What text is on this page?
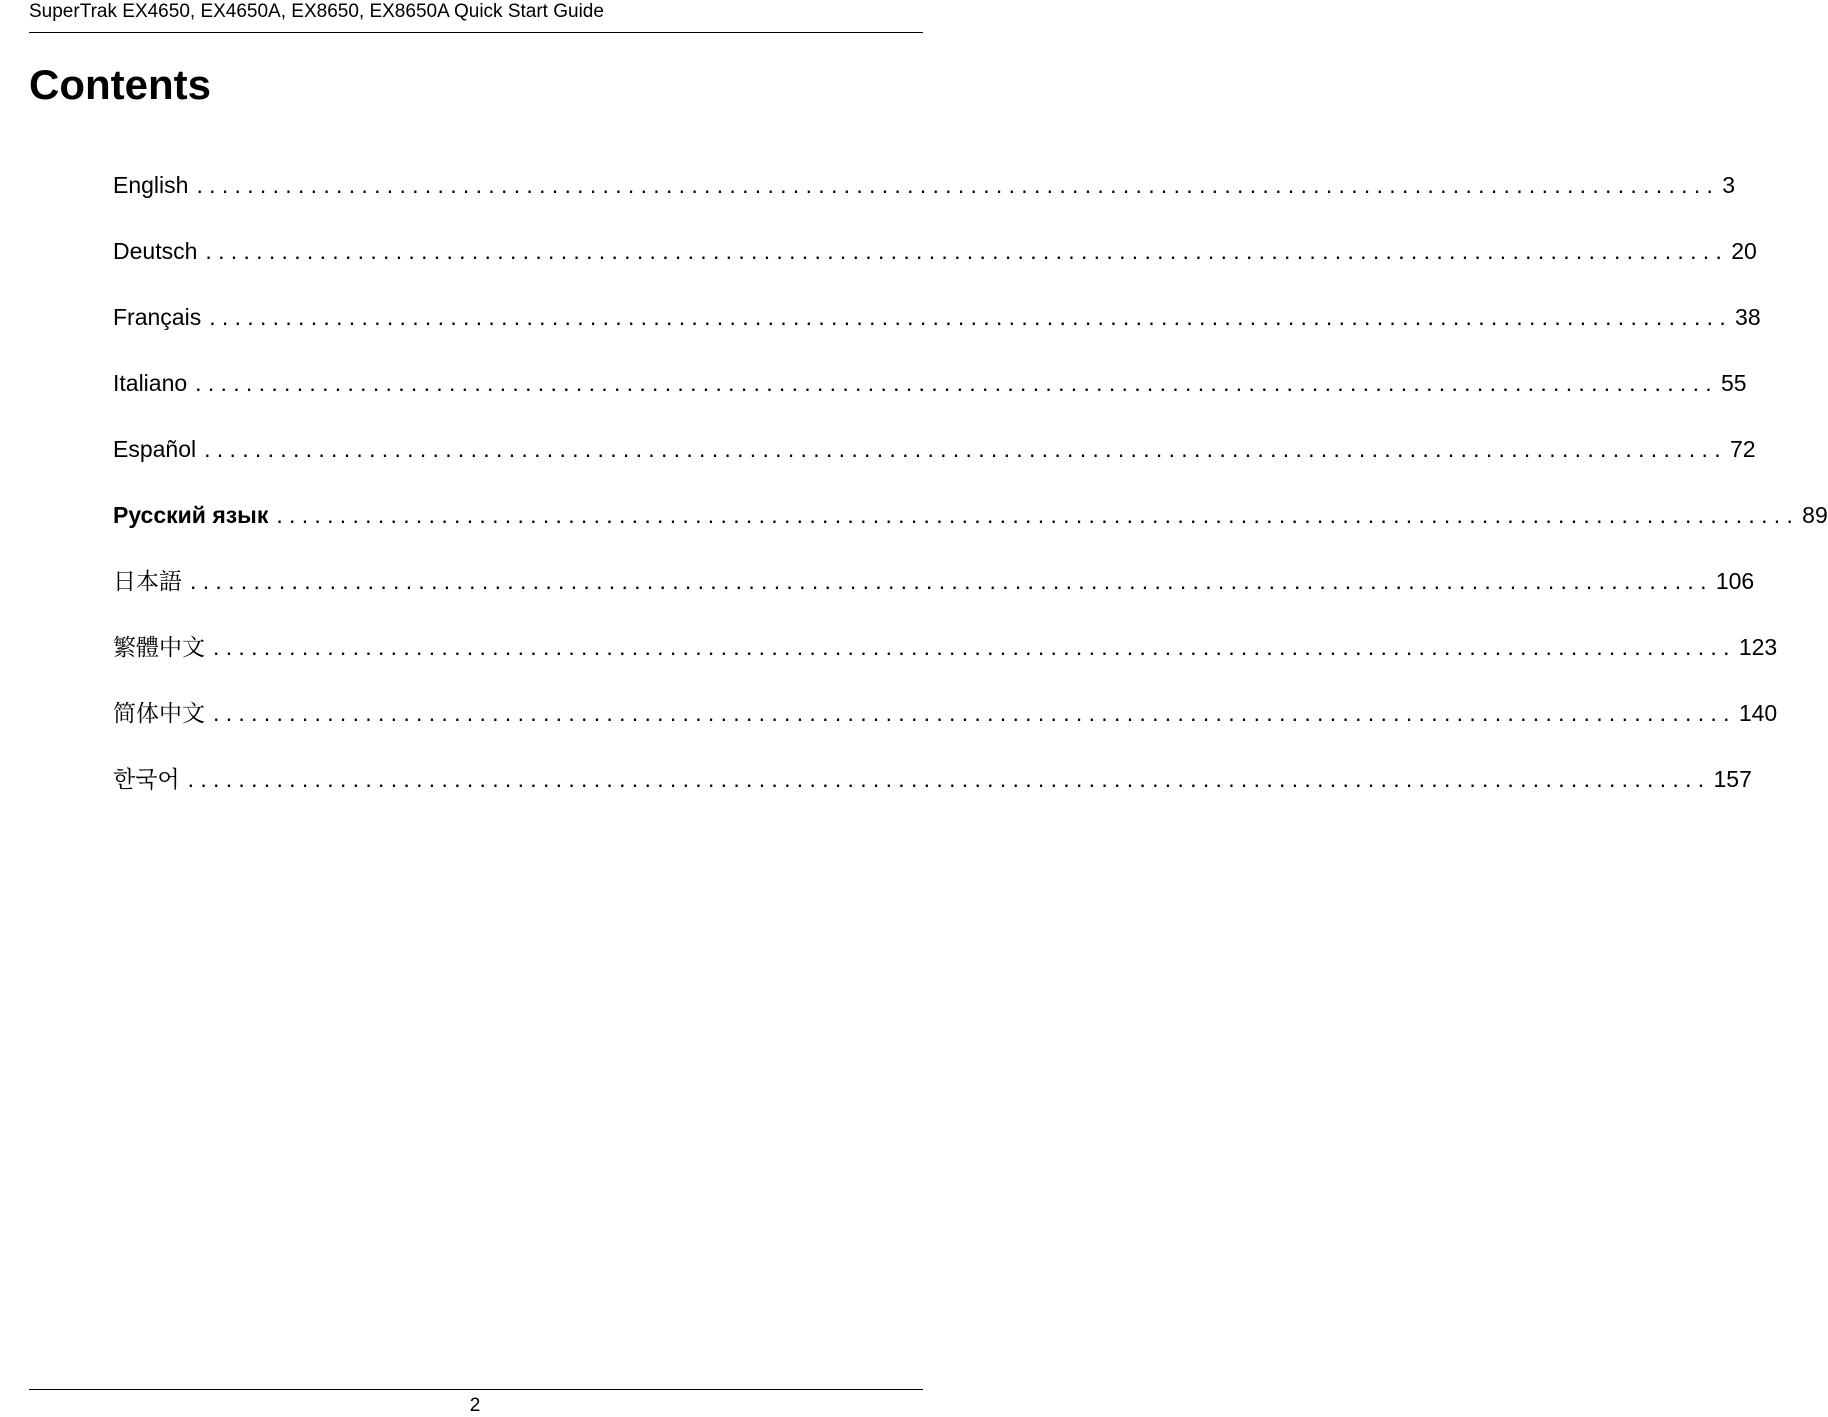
SuperTrak EX4650, EX4650A, EX8650, EX8650A Quick Start Guide
Contents
English ........................................................................................................................ 3
Deutsch ........................................................................................................................ 20
Français ........................................................................................................................ 38
Italiano ........................................................................................................................ 55
Español ........................................................................................................................ 72
Русский язык ........................................................................................................................ 89
日本語 ........................................................................................................................ 106
繁體中文 ........................................................................................................................ 123
简体中文 ........................................................................................................................ 140
한국어 ........................................................................................................................ 157
2
